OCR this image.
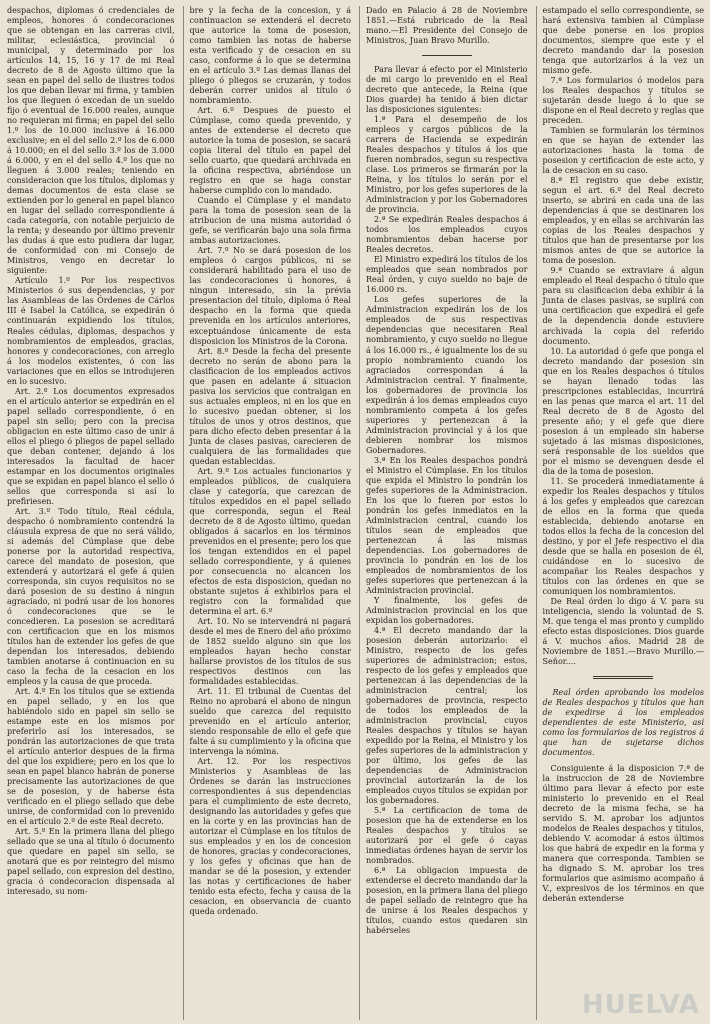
despachos, diplomas ó credenciales de empleos, honores ó condecoraciones que se obtengan en las carreras civil, militar, eclesiástica, provincial ó municipal, y determinado por los artículos 14, 15, 16 y 17 de mi Real decreto de 8 de Agosto último que la sean en papel del sello de ilustres todos los que deban llevar mi firma, y tambien los que lleguen ó excedan de un sueldo fijo ó eventual de 16.000 reales, aunque no requieran mi firma; en papel del sello 1.º los de 10.000 inclusive á 16.000 exclusive; en el del sello 2.º los de 6.000 á 10.000; en el del sello 3.º los de 3.000 á 6.000, y en el del sello 4.º los que no lleguen á 3.000 reales; teniendo en consideracion que los títulos, diplomas y demas documentos de esta clase se extienden por lo general en papel blanco en lugar del sellado correspondiente á cada categoría, con notable perjuicio de la renta; y deseando por último prevenir las dudas á que esto pudiera dar lugar, de conformidad con mi Consejo de Ministros, vengo en decretar lo siguiente:

Artículo 1.º Por los respectivos Ministerios ó sus dependencias, y por las Asambleas de las Órdenes de Cárlos III é Isabel la Católica, se expedirán ó continuarán expidiendo los títulos, Reales cédulas, diplomas, despachos y nombramientos de empleados, gracias, honores y condecoraciones, con arreglo á los modelos existentes, ó con las variaciones que en ellos se introdujeren en lo sucesivo.

Art. 2.º Los documentos expresados en el artículo anterior se expedirán en el papel sellado correspondiente, ó en papel sin sello; pero con la precisa obligacion en este último caso de unir á ellos el pliego ó pliegos de papel sellado que deban contener, dejando á los interesados la facultad de hacer estampar en los documentos originales que se expidan en papel blanco el sello ó sellos que corresponda si así lo prefiriesen.

Art. 3.º Todo título, Real cédula, despacho ó nombramiento contendrá la cláusula expresa de que no será válido, si además del Cúmplase que debe ponerse por la autoridad respectiva, carece del mandato de posesion, que extenderá y autorizará el gefe á quien corresponda, sin cuyos requisitos no se dará posesion de su destino á ningun agraciado, ni podrá usar de los honores ó condecoraciones que se le concedieren. La posesion se acreditará con certificacion que en los mismos títulos han de extender los gefes de que dependan los interesados, debiendo tambien anotarse á continuacion en su caso la fecha de la cesacion en los empleos y la causa de que proceda.

Art. 4.º En los títulos que se extienda en papel sellado, y en los que habiéndolo sido en papel sin sello se estampe este en los mismos por preferirlo así los interesados, se pondrán las autorizaciones de que trata el artículo anterior despues de la firma del que los expidiere; pero en los que lo sean en papel blanco habrán de ponerse precisamente las autorizaciones de que se de posesion, y de haberse ésta verificado en el pliego sellado que debe unirse, de conformidad con lo prevenido en el artículo 2.º de este Real decreto.

Art. 5.º En la primera llana del pliego sellado que se una al título ó documento que quedare en papel sin sello, se anotará que es por reintegro del mismo papel sellado, con expresion del destino, gracia ó condecoracion dispensada al interesado, su nom-

bre y la fecha de la concesion, y á continuacion se extenderá el decreto que autorice la toma de posesion, como tambien las notas de haberse esta verificado y de cesacion en su caso, conforme á lo que se determina en el artículo 3.º Las demas llanas del pliego ó pliegos se cruzarán, y todos deberán correr unidos al título ó nombramiento.

Art. 6.º Despues de puesto el Cúmplase, como queda prevenido, y antes de extenderse el decreto que autorice la toma de posesion, se sacará copia literal del título en papel del sello cuarto, que quedará archivada en la oficina respectiva, abriéndose un registro en que se haga constar haberse cumplido con lo mandado.

Cuando el Cúmplase y el mandato para la toma de posesion sean de la atribucion de una misma autoridad ó gefe, se verificarán bajo una sola firma ambas autorizaciones.

Art. 7.º No se dará posesion de los empleos ó cargos públicos, ni se considerará habilitado para el uso de las condecoraciones ú honores, á ningun interesado, sin la prévia presentacion del título, diploma ó Real despacho en la forma que queda prevenida en los artículos anteriores, exceptuándose únicamente de esta disposicion los Ministros de la Corona.

Art. 8.º Desde la fecha del presente decreto no serán de abono para la clasificacion de los empleados activos que pasen en adelante á situacion pasiva los servicios que contraigan en sus actuales empleos, ni en los que en lo sucesivo puedan obtener, si los títulos de unos y otros destinos, que para dicho efecto deben presentar á la Junta de clases pasivas, carecieren de cualquiera de las formalidades que quedan establecidas.

Art. 9.º Los actuales funcionarios y empleados públicos, de cualquiera clase y categoría, que carezcan de títulos expedidos en el papel sellado que corresponda, segun el Real decreto de 8 de Agosto último, quedan obligados á sacarlos en los términos prevenidos en el presente; pero los que los tengan extendidos en el papel sellado correspondiente, y á quienes por consecuencia no alcancen los efectos de esta disposicion, quedan no obstante sujetos á exhibirlos para el registro con la formalidad que determina el art. 6.º

Art. 10. No se intervendrá ni pagará desde el mes de Enero del año próximo de 1852 sueldo alguno sin que los empleados hayan hecho constar hallarse provistos de los títulos de sus respectivos destinos con las formalidades establecidas.

Art. 11. El tribunal de Cuentas del Reino no aprobará el abono de ningun sueldo que carezca del requisito prevenido en el artículo anterior, siendo responsable de ello el gefe que falte á su cumplimiento y la oficina que intervenga la nómina.

Art. 12. Por los respectivos Ministerios y Asambleas de las Órdenes se darán las instrucciones correspondientes á sus dependencias para el cumplimiento de este decreto, designando las autoridades y gefes que en la corte y en las provincias han de autorizar el Cúmplase en los títulos de sus empleados y en los de concesion de honores, gracias y condecoraciones, y los gefes y oficinas que han de mandar se dé la posesion, y extender las notas y certificaciones de haber tenido esta efecto, fecha y causa de la cesacion, en observancia de cuanto queda ordenado.

Dado en Palacio á 28 de Noviembre 1851.—Está rubricado de la Real mano.—El Presidente del Consejo de Ministros, Juan Bravo Murillo.

Para llevar á efecto por el Ministerio de mi cargo lo prevenido en el Real decreto que antecede, la Reina (que Dios guarde) ha tenido á bien dictar las disposiciones siguientes:

1.ª Para el desempeño de los empleos y cargos públicos de la carrera de Hacienda se expedirán Reales despachos y títulos á los que fueren nombrados, segun su respectiva clase. Los primeros se firmarán por la Reina, y los títulos lo serán por el Ministro, por los gefes superiores de la Administracion y por los Gobernadores de provincia.

2.ª Se expedirán Reales despachos á todos los empleados cuyos nombramientos deban hacerse por Reales decretos.

El Ministro expedirá los títulos de los empleados que sean nombrados por Real órden, y cuyo sueldo no baje de 16.000 rs.

Los gefes superiores de la Administracion expedirán los de los empleados de sus respectivas dependencias que necesitaren Real nombramiento, y cuyo sueldo no llegue á los 16.000 rs., é igualmente los de su propio nombramiento cuando los agraciados correspondan á la Administracion central. Y finalmente, los gobernadores de provincia los expedirán á los demas empleados cuyo nombramiento competa á los gefes superiores y pertenezcan á la Administracion provincial y á los que debieren nombrar los mismos Gobernadores.

3.ª En los Reales despachos pondrá el Ministro el Cúmplase. En los títulos que expida el Ministro lo pondrán los gefes superiores de la Administracion. En los que lo fueren por estos lo pondrán los gefes inmediatos en la Administracion central, cuando los títulos sean de empleados que pertenezcan á las mismas dependencias. Los gobernadores de provincia lo pondrán en los de los empleados de nombramientos de los gefes superiores que pertenezcan á la Administracion provincial.

Y finalmente, los gefes de Administracion provincial en los que expidan los gobernadores.

4.ª El decreto mandando dar la posesion deberán autorizarlo: el Ministro, respecto de los gefes superiores de administracion; estos, respecto de los gefes y empleados que pertenezcan á las dependencias de la administracion central; los gobernadores de provincia, respecto de todos los empleados de la administracion provincial, cuyos Reales despachos y títulos se hayan expedido por la Reina, el Ministro y los gefes superiores de la administracion y por último, los gefes de las dependencias de Administracion provincial autorizarán la de los empleados cuyos títulos se expidan por los gobernadores.

5.ª La certificacion de toma de posesion que ha de extenderse en los Reales despachos y títulos se autorizará por el gefe ó cayas inmediatas órdenes hayan de servir los nombrados.

6.ª La obligacion impuesta de extenderse el decreto mandando dar la posesion, en la primera llana del pliego de papel sellado de reintegro que ha de unirse á los Reales despachos y títulos, cuando estos quedaren sin habérseles

estampado el sello correspondiente, se hará extensiva tambien al Cúmplase que debe ponerse en los propios documentos, siempre que este y el decreto mandando dar la posesion tenga que autorizarlos á la vez un mismo gefe.

7.ª Los formularios ó modelos para los Reales despachos y títulos se sujetarán desde luego á lo que se dispone en el Real decreto y reglas que preceden.

Tambien se formularán los términos en que se hayan de extender las autorizaciones hasta la toma de posesion y certificacion de este acto, y la de cesacion en su caso.

8.ª El registro que debe existir, segun el art. 6.º del Real decreto inserto, se abrirá en cada una de las dependencias á que se destinaren los empleados, y en ellas se archivarán las copias de los Reales despachos y títulos que han de presentarse por los mismos antes de que se autorice la toma de posesion.

9.ª Cuando se extraviare á algun empleado el Real despacho ó título que para su clasificacion deba exhibir á la Junta de clases pasivas, se suplirá con una certificacion que expedirá el gefe de la dependencia donde estuviere archivada la copia del referido documento.

10. La autoridad ó gefe que ponga el decreto mandando dar posesion sin que en los Reales despachos ó títulos se hayan llenado todas las prescripciones establecidas, incurrirá en las penas que marca el art. 11 del Real decreto de 8 de Agosto del presente año; y el gefe que diere posesion á un empleado sin haberse sujetado á las mismas disposiciones, será responsable de los sueldos que por el mismo se devenguen desde el dia de la toma de posesion.

11. Se procederá inmediatamente á expedir los Reales despachos y títulos á los gefes y empleados que carezcan de ellos en la forma que queda establecida, debiendo anotarse en todos ellos la fecha de la concesion del destino, y por el Jefe respectivo el dia desde que se halla en posesion de él, cuidándose en lo sucesivo de acompañar los Reales despachos y títulos con las órdenes en que se comuniquen los nombramientos.

De Real órden lo digo á V. para su inteligencia, siendo la voluntad de S. M. que tenga el mas pronto y cumplido efecto estas disposiciones. Dios guarde á V. muchos años. Madrid 28 de Noviembre de 1851.—Bravo Murillo.—Señor....

Real órden aprobando los modelos de Reales despachos y títulos que han de expedirse á los empleados dependientes de este Ministerio, así como los formularios de los registros á que han de sujetarse dichos documentos.

Consiguiente á la disposicion 7.ª de la instruccion de 28 de Noviembre último para llevar á efecto por este ministerio lo prevenido en el Real decreto de la misma fecha, se ha servido S. M. aprobar los adjuntos modelos de Reales despachos y títulos, debiendo V. acomodar á estos últimos los que habrá de expedir en la forma y manera que corresponda. Tambien se ha dignado S. M. aprobar los tres formularios que asimismo acompaño á V., expresivos de los términos en que deberán extenderse

HUELVA
